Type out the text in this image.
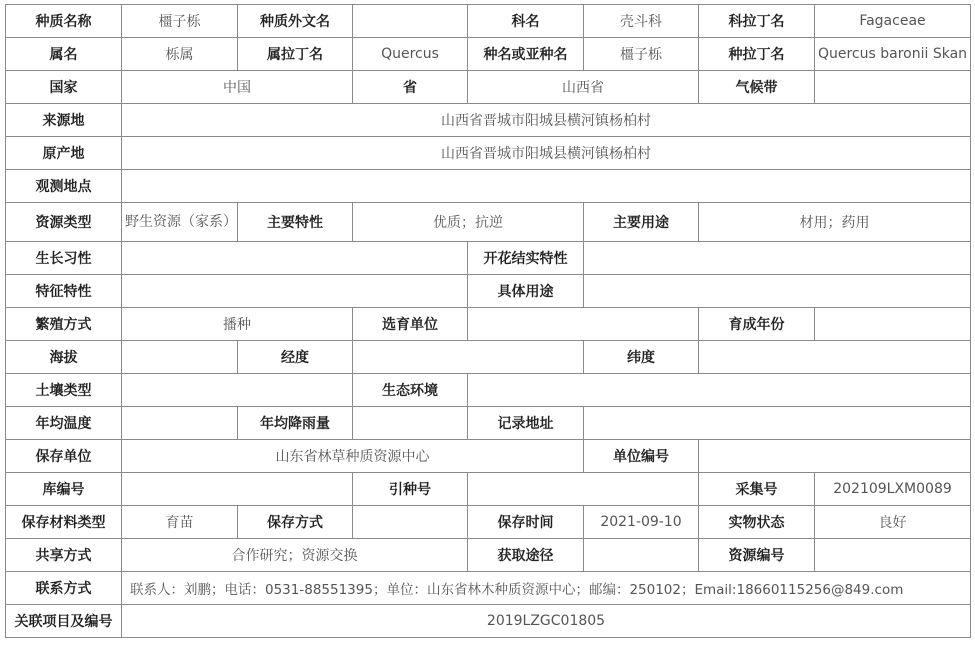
种质名称	橿子栎	种质外文名		科名	壳斗科	科拉丁名	Fagaceae
属名	栎属	属拉丁名	Quercus	种名或亚种名	橿子栎	种拉丁名	Quercus baronii Skan
国家	中国		省	山西省		气候带	
来源地	山西省晋城市阳城县横河镇杨柏村						
原产地	山西省晋城市阳城县横河镇杨柏村						
观测地点							
资源类型	野生资源（家系）	主要特性	优质；抗逆		主要用途	材用；药用	
生长习性				开花结实特性			
特征特性				具体用途			
繁殖方式	播种		选育单位			育成年份	
海拔		经度			纬度		
土壤类型			生态环境				
年均温度		年均降雨量		记录地址			
保存单位	山东省林草种质资源中心				单位编号		
库编号			引种号			采集号	202109LXM0089
保存材料类型	育苗	保存方式		保存时间	2021-09-10	实物状态	良好
共享方式	合作研究；资源交换			获取途径		资源编号	
联系方式	联系人：刘鹏；电话：0531-88551395；单位：山东省林木种质资源中心；邮编：250102；Email:18660115256@849.com						
关联项目及编号	2019LZGC01805						
